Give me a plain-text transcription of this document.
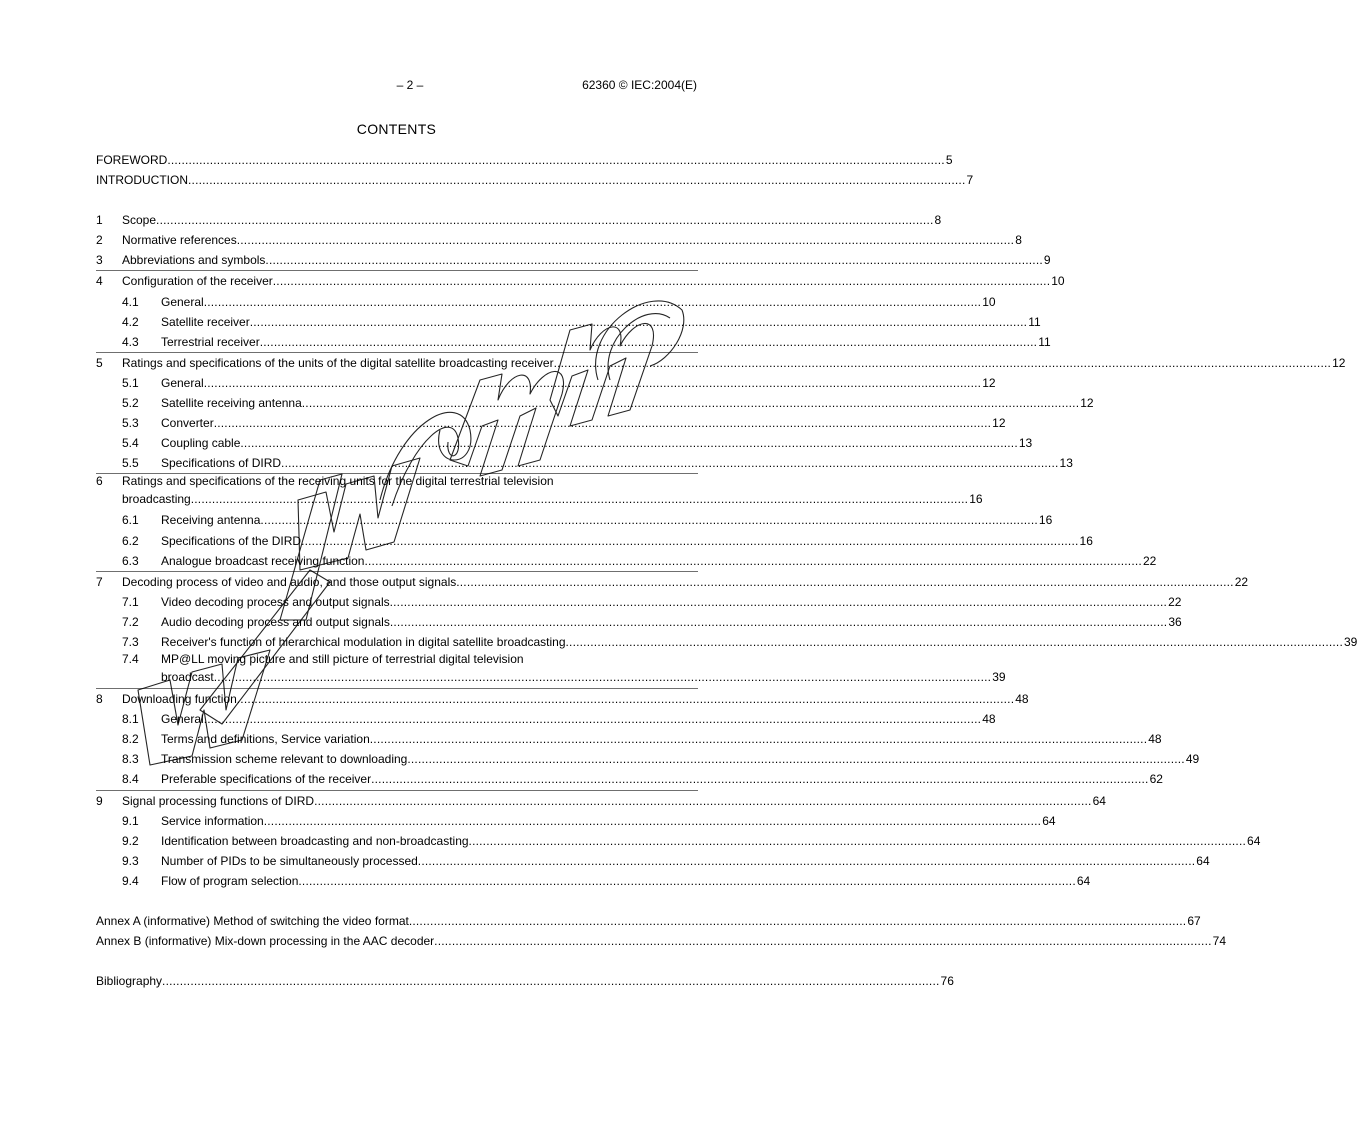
– 2 –	62360 © IEC:2004(E)
CONTENTS
FOREWORD ............................................................................................................................................................................................................................ 5
INTRODUCTION ............................................................................................................................................................................................................................ 7
1 Scope ............................................................................................................................................................................................................................ 8
2 Normative references ............................................................................................................................................................................................................................ 8
3 Abbreviations and symbols ............................................................................................................................................................................................................................ 9
4 Configuration of the receiver ............................................................................................................................................................................................................................ 10
4.1 General ............................................................................................................................................................................................................................ 10
4.2 Satellite receiver ............................................................................................................................................................................................................................ 11
4.3 Terrestrial receiver ............................................................................................................................................................................................................................ 11
5 Ratings and specifications of the units of the digital satellite broadcasting receiver ............................................................................................................................................................................................................................ 12
5.1 General ............................................................................................................................................................................................................................ 12
5.2 Satellite receiving antenna ............................................................................................................................................................................................................................ 12
5.3 Converter ............................................................................................................................................................................................................................ 12
5.4 Coupling cable ............................................................................................................................................................................................................................ 13
5.5 Specifications of DIRD ............................................................................................................................................................................................................................ 13
6 Ratings and specifications of the receiving units for the digital terrestrial television
broadcasting ............................................................................................................................................................................................................................ 16
6.1 Receiving antenna ............................................................................................................................................................................................................................ 16
6.2 Specifications of the DIRD ............................................................................................................................................................................................................................ 16
6.3 Analogue broadcast receiving function ............................................................................................................................................................................................................................ 22
7 Decoding process of video and audio, and those output signals ............................................................................................................................................................................................................................ 22
7.1 Video decoding process and output signals ............................................................................................................................................................................................................................ 22
7.2 Audio decoding process and output signals ............................................................................................................................................................................................................................ 36
7.3 Receiver's function of hierarchical modulation in digital satellite broadcasting ............................................................................................................................................................................................................................ 39
7.4 MP@LL moving picture and still picture of terrestrial digital television
broadcast ............................................................................................................................................................................................................................ 39
8 Downloading function ............................................................................................................................................................................................................................ 48
8.1 General ............................................................................................................................................................................................................................ 48
8.2 Terms and definitions, Service variation ............................................................................................................................................................................................................................ 48
8.3 Transmission scheme relevant to downloading ............................................................................................................................................................................................................................ 49
8.4 Preferable specifications of the receiver ............................................................................................................................................................................................................................ 62
9 Signal processing functions of DIRD ............................................................................................................................................................................................................................ 64
9.1 Service information ............................................................................................................................................................................................................................ 64
9.2 Identification between broadcasting and non-broadcasting ............................................................................................................................................................................................................................ 64
9.3 Number of PIDs to be simultaneously processed ............................................................................................................................................................................................................................ 64
9.4 Flow of program selection ............................................................................................................................................................................................................................ 64
Annex A (informative) Method of switching the video format ............................................................................................................................................................................................................................ 67
Annex B (informative) Mix-down processing in the AAC decoder ............................................................................................................................................................................................................................ 74
Bibliography ............................................................................................................................................................................................................................ 76
